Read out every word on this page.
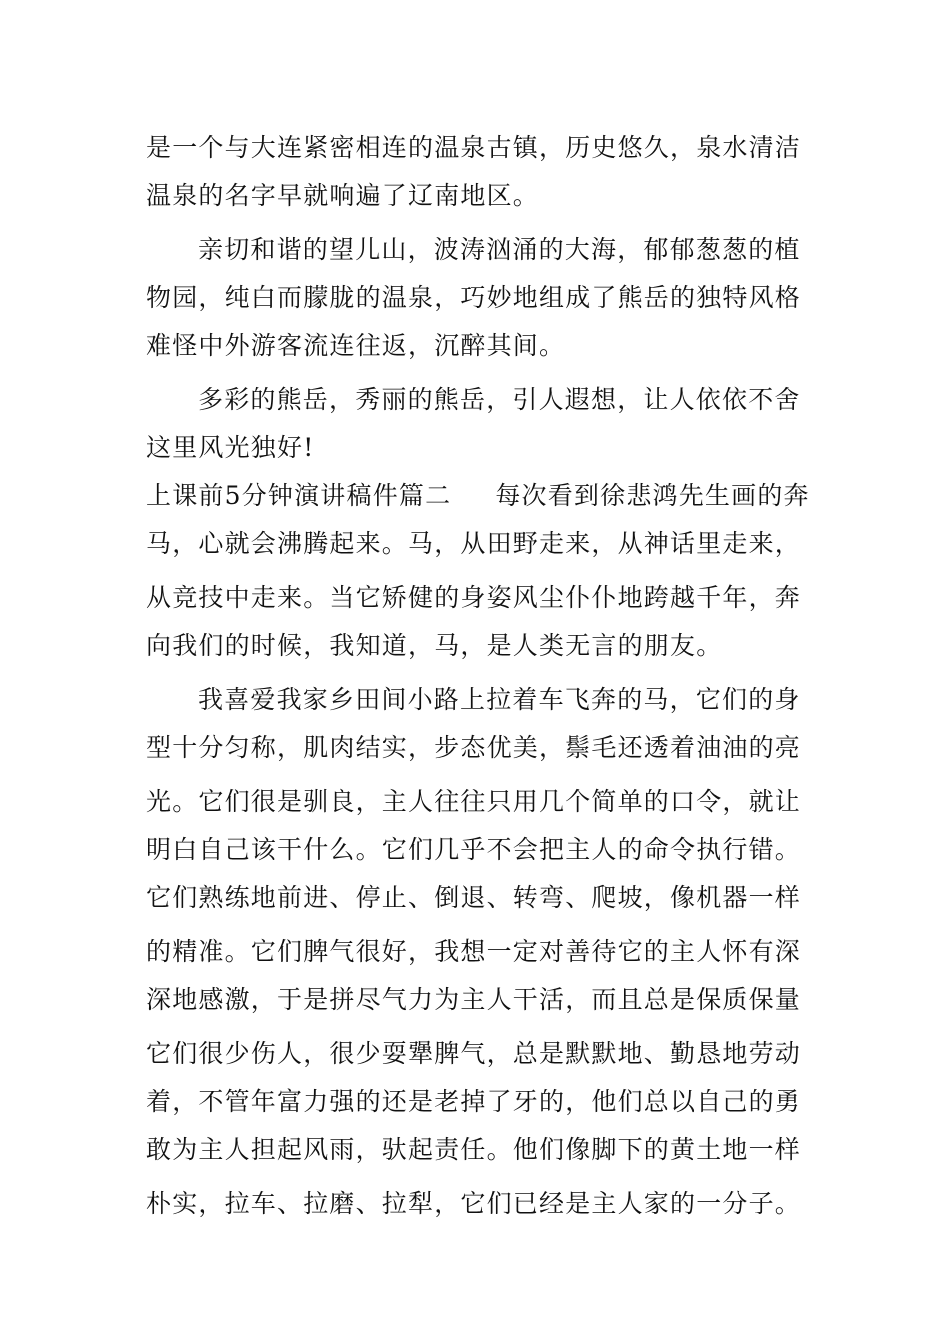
是一个与大连紧密相连的温泉古镇，历史悠久，泉水清洁
温泉的名字早就响遍了辽南地区。
亲切和谐的望儿山，波涛汹涌的大海，郁郁葱葱的植
物园，纯白而朦胧的温泉，巧妙地组成了熊岳的独特风格
难怪中外游客流连往返，沉醉其间。
多彩的熊岳，秀丽的熊岳，引人遐想，让人依依不舍
这里风光独好!
上课前5分钟演讲稿件篇二 每次看到徐悲鸿先生画的奔
马，心就会沸腾起来。马，从田野走来，从神话里走来，
从竞技中走来。当它矫健的身姿风尘仆仆地跨越千年，奔
向我们的时候，我知道，马，是人类无言的朋友。
我喜爱我家乡田间小路上拉着车飞奔的马，它们的身
型十分匀称，肌肉结实，步态优美，鬃毛还透着油油的亮
光。它们很是驯良，主人往往只用几个简单的口令，就让
明白自己该干什么。它们几乎不会把主人的命令执行错。
它们熟练地前进、停止、倒退、转弯、爬坡，像机器一样
的精准。它们脾气很好，我想一定对善待它的主人怀有深
深地感激，于是拼尽气力为主人干活，而且总是保质保量
它们很少伤人，很少耍犟脾气，总是默默地、勤恳地劳动
着，不管年富力强的还是老掉了牙的，他们总以自己的勇
敢为主人担起风雨，驮起责任。他们像脚下的黄土地一样
朴实，拉车、拉磨、拉犁，它们已经是主人家的一分子。
